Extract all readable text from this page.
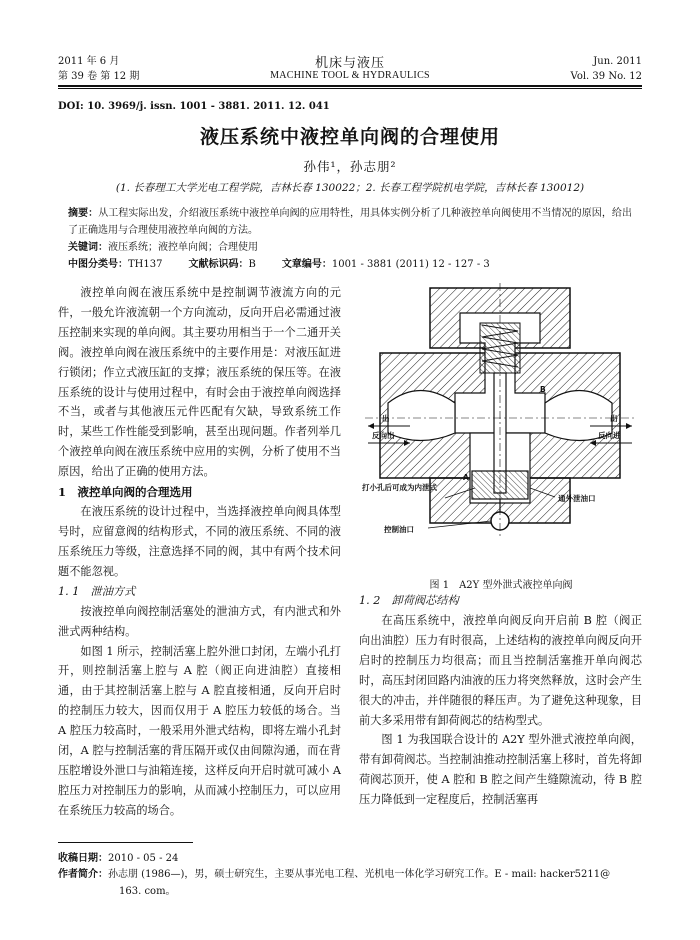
2011 年 6 月
第 39 卷 第 12 期
机床与液压
MACHINE TOOL & HYDRAULICS
Jun. 2011
Vol. 39 No. 12
DOI: 10. 3969/j. issn. 1001 - 3881. 2011. 12. 041
液压系统中液控单向阀的合理使用
孙伟¹，孙志朋²
(1. 长春理工大学光电工程学院，吉林长春 130022；2. 长春工程学院机电学院，吉林长春 130012)
摘要：从工程实际出发，介绍液压系统中液控单向阀的应用特性，用具体实例分析了几种液控单向阀使用不当情况的原因，给出了正确选用与合理使用液控单向阀的方法。
关键词：液压系统；液控单向阀；合理使用
中图分类号：TH137	文献标识码：B	文章编号：1001 - 3881 (2011) 12 - 127 - 3

液控单向阀在液压系统中是控制调节液流方向的元件，一般允许液流朝一个方向流动，反向开启必需通过液压控制来实现的单向阀。其主要功用相当于一个二通开关阀。液控单向阀在液压系统中的主要作用是：对液压缸进行锁闭；作立式液压缸的支撑；液压系统的保压等。在液压系统的设计与使用过程中，有时会由于液控单向阀选择不当，或者与其他液压元件匹配有欠缺，导致系统工作时，某些工作性能受到影响，甚至出现问题。作者列举几个液控单向阀在液压系统中应用的实例，分析了使用不当原因，给出了正确的使用方法。

1　液控单向阀的合理选用

在液压系统的设计过程中，当选择液控单向阀具体型号时，应留意阀的结构形式，不同的液压系统、不同的液压系统压力等级，注意选择不同的阀，其中有两个技术问题不能忽视。

1. 1　泄油方式

按液控单向阀控制活塞处的泄油方式，有内泄式和外泄式两种结构。

如图 1 所示，控制活塞上腔外泄口封闭，左端小孔打开，则控制活塞上腔与 A 腔（阀正向进油腔）直接相通，由于其控制活塞上腔与 A 腔直接相通，反向开启时的控制压力较大，因而仅用于 A 腔压力较低的场合。当 A 腔压力较高时，一般采用外泄式结构，即将左端小孔封闭，A 腔与控制活塞的背压隔开或仅由间隙沟通，而在背压腔增设外泄口与油箱连接，这样反向开启时就可减小 A 腔压力对控制压力的影响，从而减小控制压力，可以应用在系统压力较高的场合。

B
A
出
反向出
出
反向进
打小孔后可成为内泄式
通外泄油口
控制油口
图 1　A2Y 型外泄式液控单向阀

1. 2　卸荷阀芯结构

在高压系统中，液控单向阀反向开启前 B 腔（阀正向出油腔）压力有时很高，上述结构的液控单向阀反向开启时的控制压力均很高；而且当控制活塞推开单向阀芯时，高压封闭回路内油液的压力将突然释放，这时会产生很大的冲击，并伴随很的释压声。为了避免这种现象，目前大多采用带有卸荷阀芯的结构型式。

图 1 为我国联合设计的 A2Y 型外泄式液控单向阀，带有卸荷阀芯。当控制油推动控制活塞上移时，首先将卸荷阀芯顶开，使 A 腔和 B 腔之间产生缝隙流动，待 B 腔压力降低到一定程度后，控制活塞再

收稿日期：2010 - 05 - 24
作者简介：孙志朋 (1986—)，男，硕士研究生，主要从事光电工程、光机电一体化学习研究工作。E - mail: hacker5211@
163. com。
